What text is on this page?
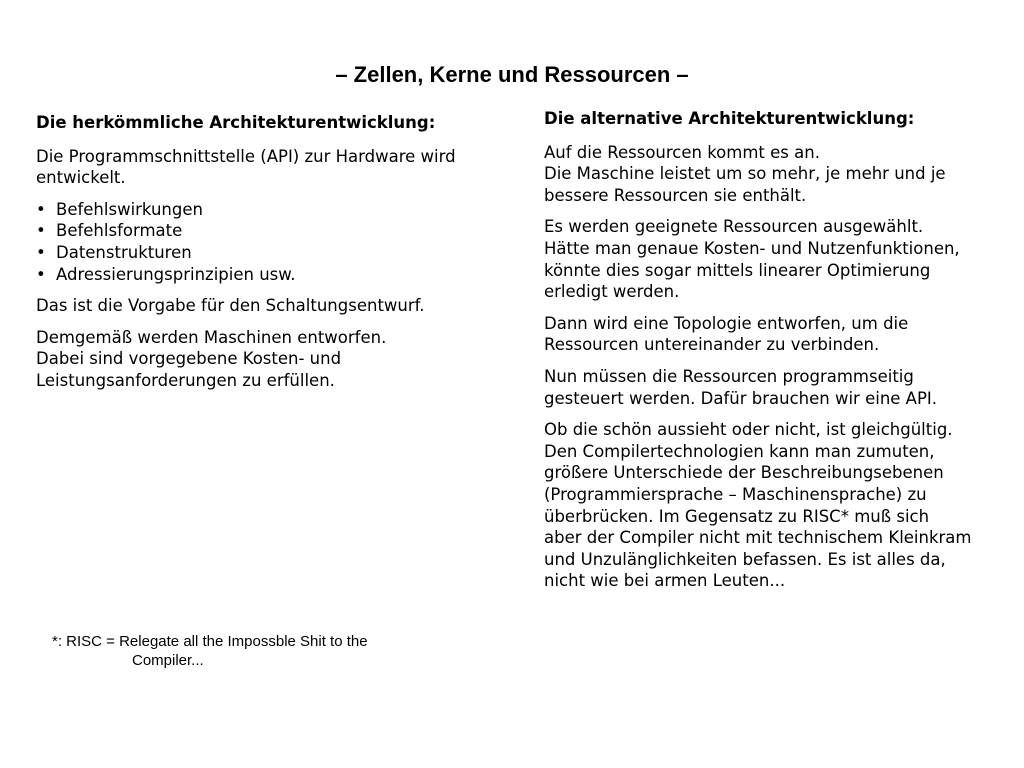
– Zellen, Kerne und Ressourcen –

Die herkömmliche Architekturentwicklung:

Die Programmschnittstelle (API) zur Hardware wird entwickelt.

• Befehlswirkungen
• Befehlsformate
• Datenstrukturen
• Adressierungsprinzipien usw.

Das ist die Vorgabe für den Schaltungsentwurf.

Demgemäß werden Maschinen entworfen.
Dabei sind vorgegebene Kosten- und
Leistungsanforderungen zu erfüllen.

Die alternative Architekturentwicklung:

Auf die Ressourcen kommt es an.
Die Maschine leistet um so mehr, je mehr und je
bessere Ressourcen sie enthält.

Es werden geeignete Ressourcen ausgewählt.
Hätte man genaue Kosten- und Nutzenfunktionen,
könnte dies sogar mittels linearer Optimierung
erledigt werden.

Dann wird eine Topologie entworfen, um die
Ressourcen untereinander zu verbinden.

Nun müssen die Ressourcen programmseitig
gesteuert werden. Dafür brauchen wir eine API.

Ob die schön aussieht oder nicht, ist gleichgültig.
Den Compilertechnologien kann man zumuten,
größere Unterschiede der Beschreibungsebenen
(Programmiersprache – Maschinensprache) zu
überbrücken. Im Gegensatz zu RISC* muß sich
aber der Compiler nicht mit technischem Kleinkram
und Unzulänglichkeiten befassen. Es ist alles da,
nicht wie bei armen Leuten...

*: RISC = Relegate all the Impossble Shit to the
Compiler...
